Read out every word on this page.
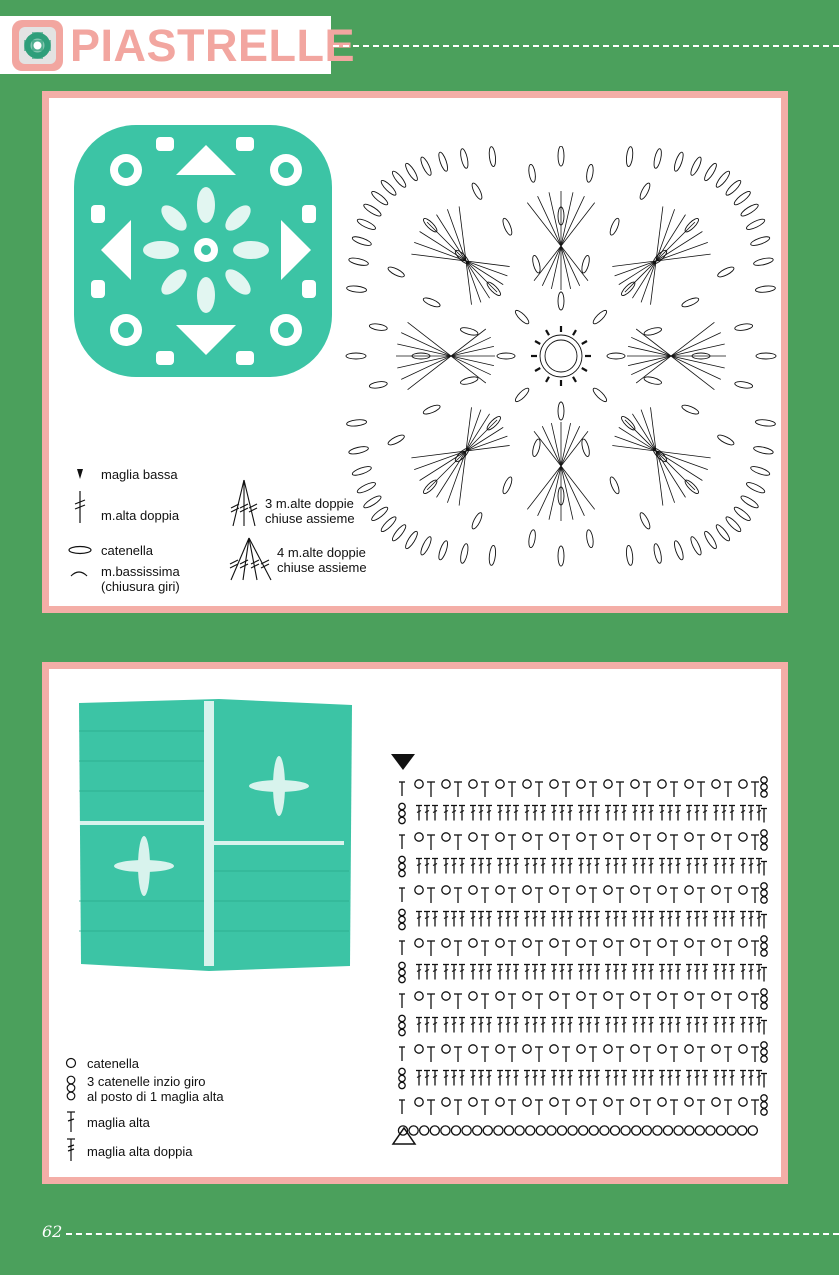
PIASTRELLE
maglia bassa
m.alta doppia
catenella
m.bassissima
(chiusura giri)
3 m.alte doppie
chiuse assieme
4 m.alte doppie
chiuse assieme
catenella
3 catenelle inzio giro
al posto di 1 maglia alta
maglia alta
maglia alta doppia
62
